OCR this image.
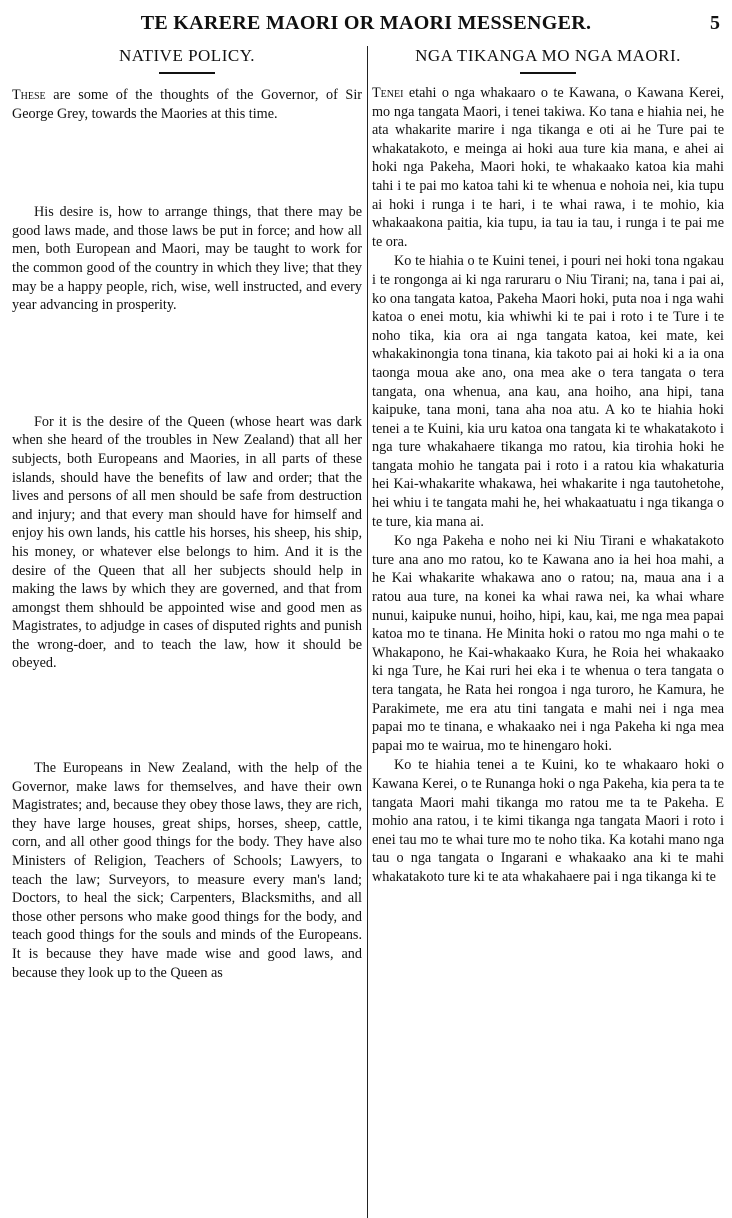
TE KARERE MAORI OR MAORI MESSENGER.	5
NATIVE POLICY.

These are some of the thoughts of the Governor, of Sir George Grey, towards the Maories at this time.

His desire is, how to arrange things, that there may be good laws made, and those laws be put in force; and how all men, both European and Maori, may be taught to work for the common good of the country in which they live; that they may be a happy people, rich, wise, well instructed, and every year advancing in prosperity.

For it is the desire of the Queen (whose heart was dark when she heard of the troubles in New Zealand) that all her subjects, both Europeans and Maories, in all parts of these islands, should have the benefits of law and order; that the lives and persons of all men should be safe from destruction and injury; and that every man should have for himself and enjoy his own lands, his cattle his horses, his sheep, his ship, his money, or whatever else belongs to him. And it is the desire of the Queen that all her subjects should help in making the laws by which they are governed, and that from amongst them shhould be appointed wise and good men as Magistrates, to adjudge in cases of disputed rights and punish the wrong-doer, and to teach the law, how it should be obeyed.

The Europeans in New Zealand, with the help of the Governor, make laws for themselves, and have their own Magistrates; and, because they obey those laws, they are rich, they have large houses, great ships, horses, sheep, cattle, corn, and all other good things for the body. They have also Ministers of Religion, Teachers of Schools; Lawyers, to teach the law; Surveyors, to measure every man's land; Doctors, to heal the sick; Carpenters, Blacksmiths, and all those other persons who make good things for the body, and teach good things for the souls and minds of the Europeans. It is because they have made wise and good laws, and because they look up to the Queen as

NGA TIKANGA MO NGA MAORI.

Tenei etahi o nga whakaaro o te Kawana, o Kawana Kerei, mo nga tangata Maori, i tenei takiwa. Ko tana e hiahia nei, he ata whakarite marire i nga tikanga e oti ai he Ture pai te whakatakoto, e meinga ai hoki aua ture kia mana, e ahei ai hoki nga Pakeha, Maori hoki, te whakaako katoa kia mahi tahi i te pai mo katoa tahi ki te whenua e nohoia nei, kia tupu ai hoki i runga i te hari, i te whai rawa, i te mohio, kia whakaakona paitia, kia tupu, ia tau ia tau, i runga i te pai me te ora.

Ko te hiahia o te Kuini tenei, i pouri nei hoki tona ngakau i te rongonga ai ki nga raruraru o Niu Tirani; na, tana i pai ai, ko ona tangata katoa, Pakeha Maori hoki, puta noa i nga wahi katoa o enei motu, kia whiwhi ki te pai i roto i te Ture i te noho tika, kia ora ai nga tangata katoa, kei mate, kei whakakinongia tona tinana, kia takoto pai ai hoki ki a ia ona taonga moua ake ano, ona mea ake o tera tangata o tera tangata, ona whenua, ana kau, ana hoiho, ana hipi, tana kaipuke, tana moni, tana aha noa atu. A ko te hiahia hoki tenei a te Kuini, kia uru katoa ona tangata ki te whakatakoto i nga ture whakahaere tikanga mo ratou, kia tirohia hoki he tangata mohio he tangata pai i roto i a ratou kia whakaturia hei Kai-whakarite whakawa, hei whakarite i nga tautohetohe, hei whiu i te tangata mahi he, hei whakaatuatu i nga tikanga o te ture, kia mana ai.

Ko nga Pakeha e noho nei ki Niu Tirani e whakatakoto ture ana ano mo ratou, ko te Kawana ano ia hei hoa mahi, a he Kai whakarite whakawa ano o ratou; na, maua ana i a ratou aua ture, na konei ka whai rawa nei, ka whai whare nunui, kaipuke nunui, hoiho, hipi, kau, kai, me nga mea papai katoa mo te tinana. He Minita hoki o ratou mo nga mahi o te Whakapono, he Kai-whakaako Kura, he Roia hei whakaako ki nga Ture, he Kai ruri hei eka i te whenua o tera tangata o tera tangata, he Rata hei rongoa i nga turoro, he Kamura, he Parakimete, me era atu tini tangata e mahi nei i nga mea papai mo te tinana, e whakaako nei i nga Pakeha ki nga mea papai mo te wairua, mo te hinengaro hoki.

Ko te hiahia tenei a te Kuini, ko te whakaaro hoki o Kawana Kerei, o te Runanga hoki o nga Pakeha, kia pera ta te tangata Maori mahi tikanga mo ratou me ta te Pakeha. E mohio ana ratou, i te kimi tikanga nga tangata Maori i roto i enei tau mo te whai ture mo te noho tika. Ka kotahi mano nga tau o nga tangata o Ingarani e whakaako ana ki te mahi whakatakoto ture ki te ata whakahaere pai i nga tikanga ki te
